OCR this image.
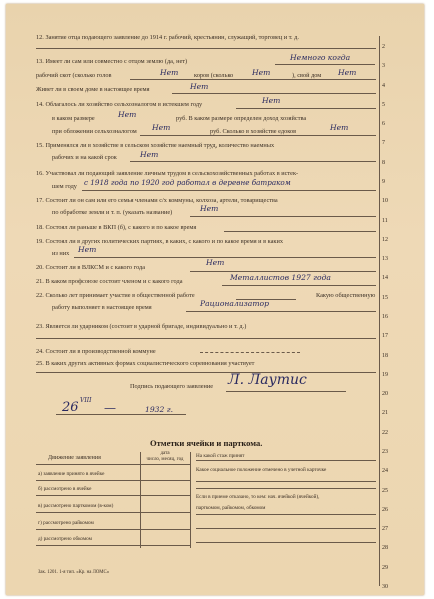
12. Занятие отца подающего заявление до 1914 г. рабочий, крестьянин, служащий, торговец и т. д.
13. Имеет ли сам или совместно с отцом землю (да, нет)	Немного когда
рабочий скот (сколько голов	Нет коров (сколько Нет	), свой дом Нет
Живет ли в своем доме в настоящее время	Нет
14. Облагалось ли хозяйство сельхозналогом в истекшем году	Нет
в каком размере	Нет	руб. В каком размере определен доход хозяйства
при обложении сельхозналогом Нет	руб. Сколько в хозяйстве едоков	Нет
15. Применялся ли в хозяйстве в сельском хозяйстве наемный труд, количество наемных
рабочих и на какой срок	Нет
16. Участвовал ли подающий заявление личным трудом в сельскохозяйственных работах в истек-
шем году с 1918 года по 1920 год работал в деревне батраком
17. Состоит ли он сам или его семья членами с/х коммуны, колхоза, артели, товарищества
по обработке земли и т. п. (указать название)	Нет
18. Состоял ли раньше в ВКП (б), с какого и по какое время
19. Состоял ли в других политических партиях, в каких, с какого и по какое время и в каких
из них Нет
20. Состоит ли в ВЛКСМ и с какого года
Нет
21. В каком профсоюзе состоит членом и с какого года	Металлистов 1927 года
22. Сколько лет принимает участие в общественной работе	Какую общественную
работу выполняет в настоящее время	Рационализатор
23. Является ли ударником (состоит в ударной бригаде, индивидуально и т. д.)
24. Состоит ли в производственной коммуне
25. В каких других активных формах социалистического соревнования участвует
Подпись подающего заявление Л. Лаутис
26 VIII
—	1932 г.
Отметки ячейки и парткома.
Движение заявления
дата
число, месяц, год
На какой стаж принят
Какое социальное положение отмечено в учетной карточке
Если в приеме отказано, то кем: нач. ячейкой (ячейкой),
парткомом, райкомом, обкомом
а) заявление принято в ячейке
б) рассмотрено в ячейке
в) рассмотрено парткомом (в-ком)
г) рассмотрено райкомом
д) рассмотрено обкомом
Зак. 1201. 1-я тип. «Кр. на ЛОМС»
2
3
4
5
6
7
8
9
10
11
12
13
14
15
16
17
18
19
20
21
22
23
24
25
26
27
28
29
30
